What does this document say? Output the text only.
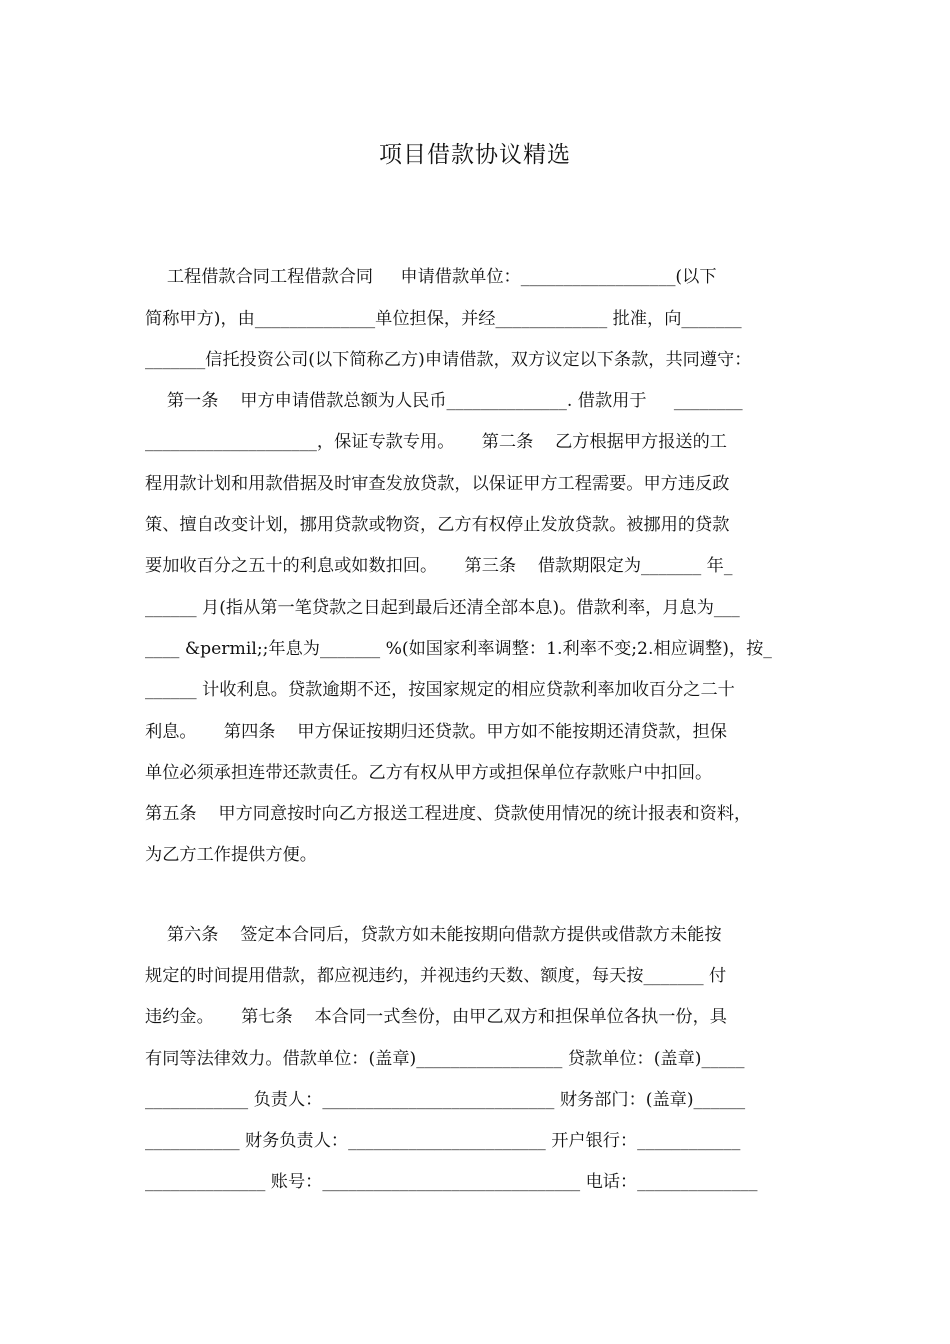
项目借款协议精选
工程借款合同工程借款合同     申请借款单位：__________________(以下
简称甲方)，由______________单位担保，并经_____________ 批准，向_______
_______信托投资公司(以下简称乙方)申请借款，双方议定以下条款，共同遵守：
第一条    甲方申请借款总额为人民币______________. 借款用于     ________
____________________，保证专款专用。     第二条    乙方根据甲方报送的工
程用款计划和用款借据及时审查发放贷款，以保证甲方工程需要。甲方违反政
策、擅自改变计划，挪用贷款或物资，乙方有权停止发放贷款。被挪用的贷款
要加收百分之五十的利息或如数扣回。     第三条    借款期限定为_______ 年_
______ 月(指从第一笔贷款之日起到最后还清全部本息)。借款利率，月息为___
____ &permil;;年息为_______ %(如国家利率调整：1.利率不变;2.相应调整)，按_
______ 计收利息。贷款逾期不还，按国家规定的相应贷款利率加收百分之二十
利息。     第四条    甲方保证按期归还贷款。甲方如不能按期还清贷款，担保
单位必须承担连带还款责任。乙方有权从甲方或担保单位存款账户中扣回。
第五条    甲方同意按时向乙方报送工程进度、贷款使用情况的统计报表和资料，
为乙方工作提供方便。
第六条    签定本合同后，贷款方如未能按期向借款方提供或借款方未能按
规定的时间提用借款，都应视违约，并视违约天数、额度，每天按_______ 付
违约金。     第七条    本合同一式叁份，由甲乙双方和担保单位各执一份，具
有同等法律效力。借款单位：(盖章)_________________ 贷款单位：(盖章)_____
____________ 负责人：___________________________ 财务部门：(盖章)______
___________ 财务负责人：_______________________ 开户银行：____________
______________ 账号：______________________________ 电话：______________
